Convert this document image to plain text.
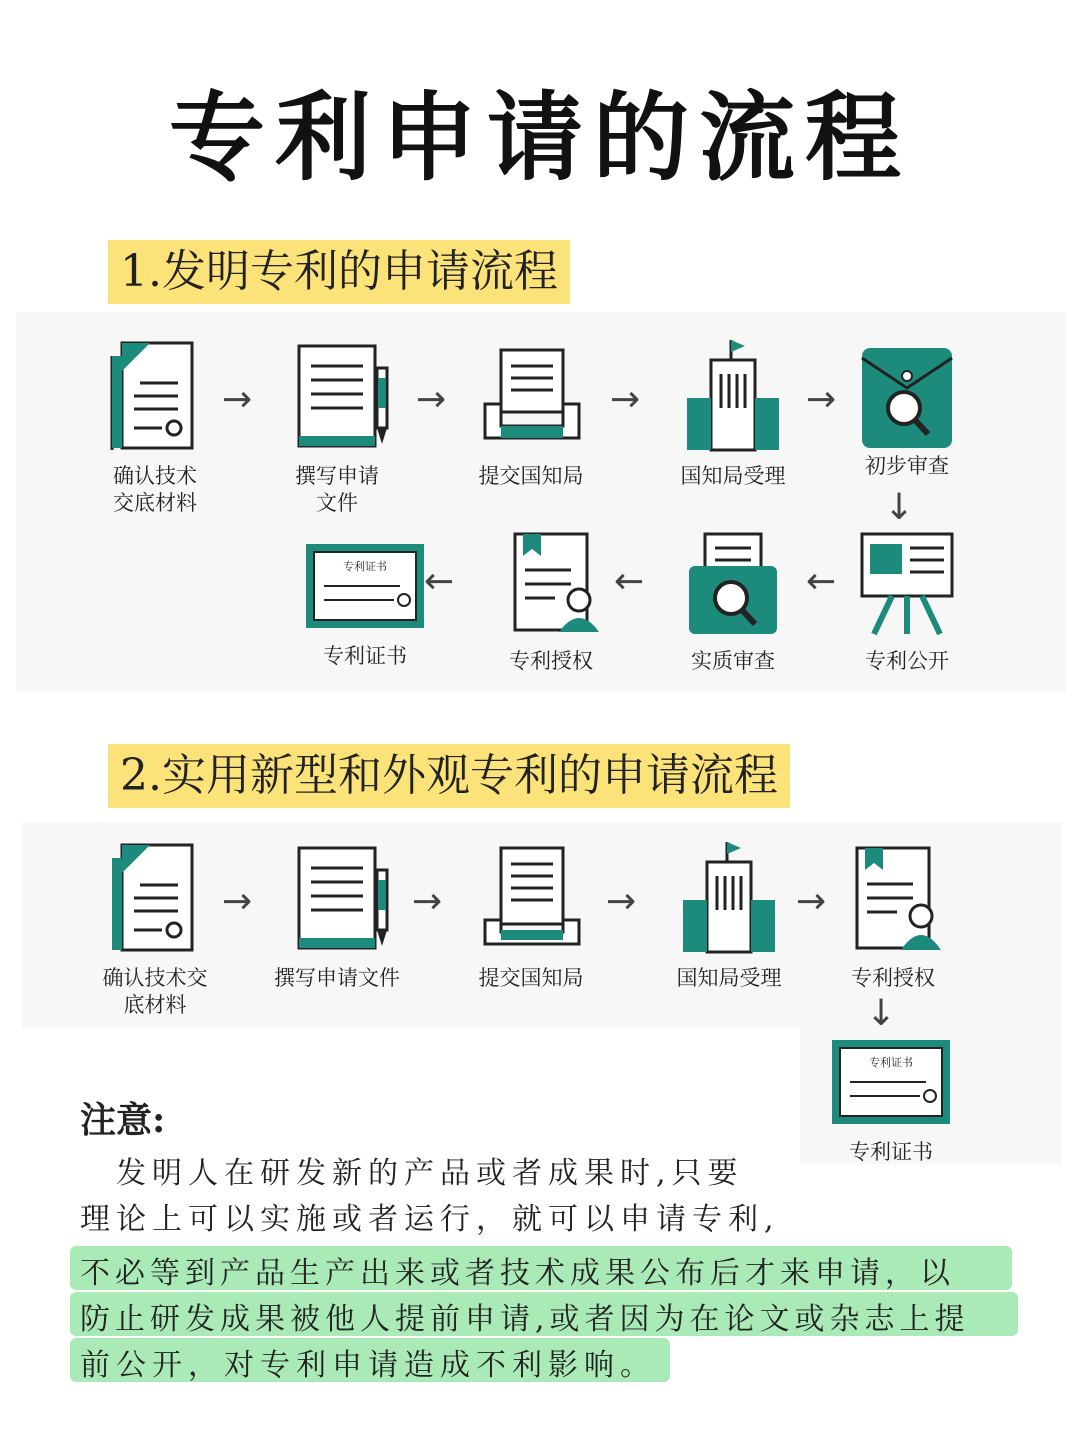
专利申请的流程
1.发明专利的申请流程
确认技术
交底材料
→
撰写申请
文件
→
提交国知局
→
国知局受理
→
初步审查
↓
专利公开
←
实质审查
←
专利授权
←
专利证书
专利证书
2.实用新型和外观专利的申请流程
确认技术交
底材料
→
撰写申请文件
→
提交国知局
→
国知局受理
→
专利授权
↓
专利证书
专利证书
注意:
　发明人在研发新的产品或者成果时,只要
理论上可以实施或者运行，就可以申请专利,
不必等到产品生产出来或者技术成果公布后才来申请，以
防止研发成果被他人提前申请,或者因为在论文或杂志上提
前公开，对专利申请造成不利影响。
